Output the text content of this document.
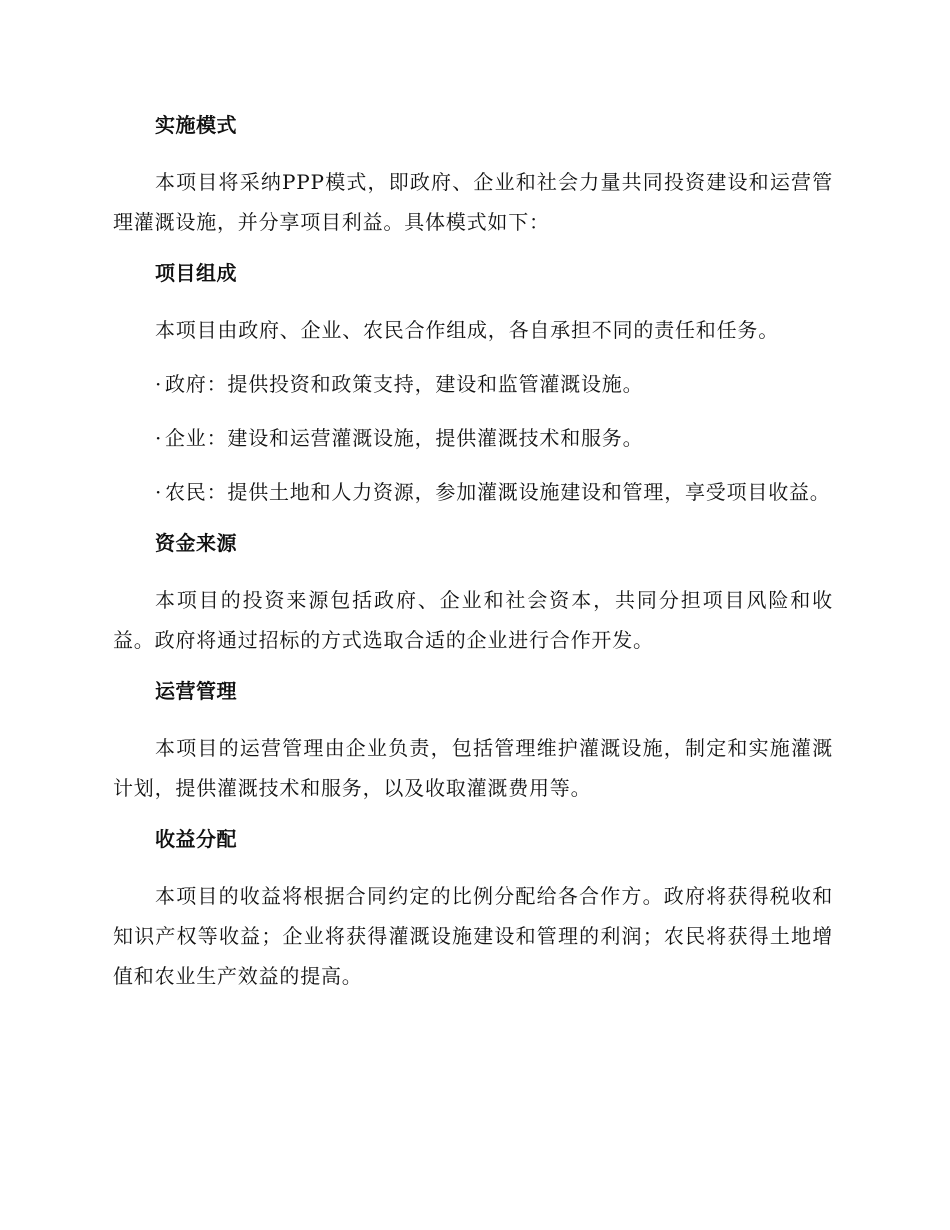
实施模式

本项目将采纳PPP模式，即政府、企业和社会力量共同投资建设和运营管理灌溉设施，并分享项目利益。具体模式如下：

项目组成

本项目由政府、企业、农民合作组成，各自承担不同的责任和任务。

· 政府：提供投资和政策支持，建设和监管灌溉设施。

· 企业：建设和运营灌溉设施，提供灌溉技术和服务。

· 农民：提供土地和人力资源，参加灌溉设施建设和管理，享受项目收益。

资金来源

本项目的投资来源包括政府、企业和社会资本，共同分担项目风险和收益。政府将通过招标的方式选取合适的企业进行合作开发。

运营管理

本项目的运营管理由企业负责，包括管理维护灌溉设施，制定和实施灌溉计划，提供灌溉技术和服务，以及收取灌溉费用等。

收益分配

本项目的收益将根据合同约定的比例分配给各合作方。政府将获得税收和知识产权等收益；企业将获得灌溉设施建设和管理的利润；农民将获得土地增值和农业生产效益的提高。
